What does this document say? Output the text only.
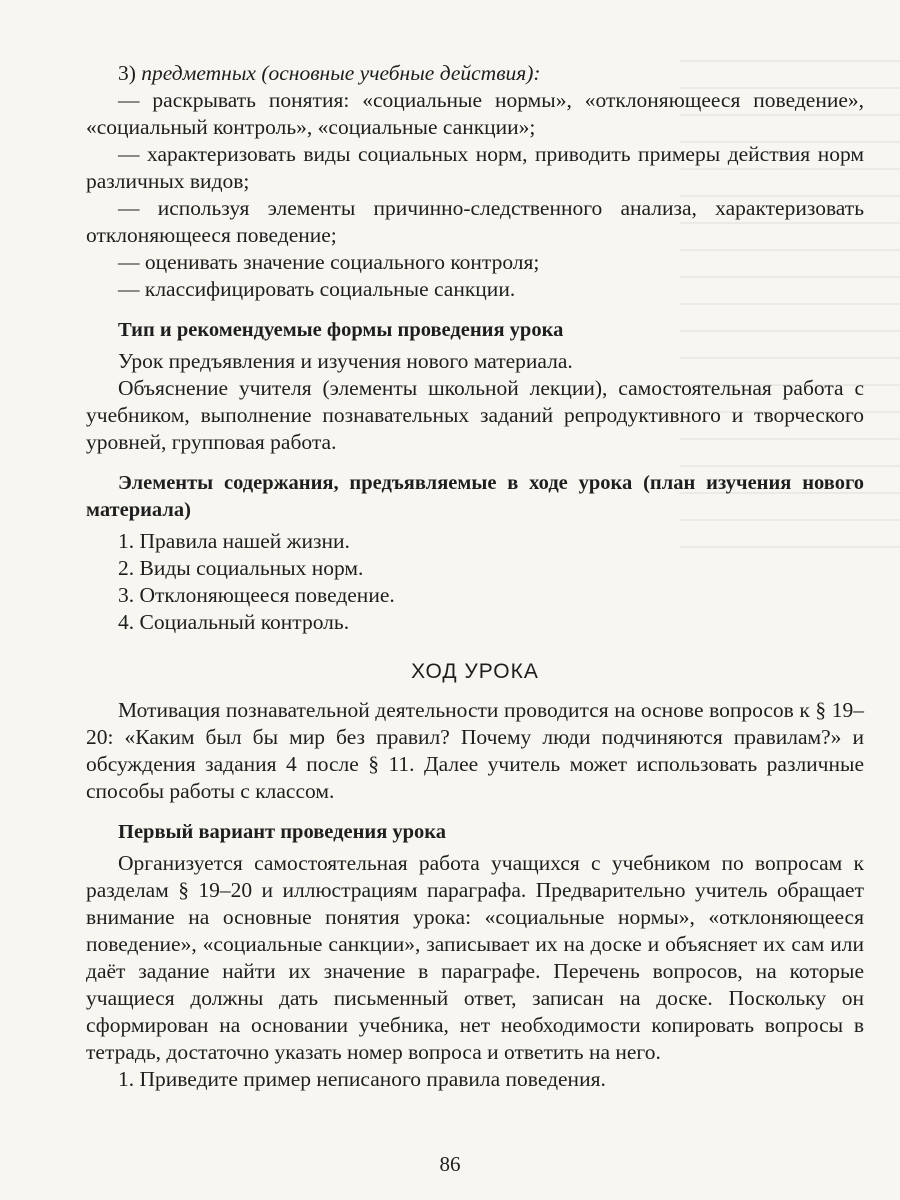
3) предметных (основные учебные действия):

— раскрывать понятия: «социальные нормы», «отклоняющееся поведение», «социальный контроль», «социальные санкции»;

— характеризовать виды социальных норм, приводить примеры действия норм различных видов;

— используя элементы причинно-следственного анализа, характеризовать отклоняющееся поведение;

— оценивать значение социального контроля;

— классифицировать социальные санкции.

Тип и рекомендуемые формы проведения урока

Урок предъявления и изучения нового материала.

Объяснение учителя (элементы школьной лекции), самостоятельная работа с учебником, выполнение познавательных заданий репродуктивного и творческого уровней, групповая работа.

Элементы содержания, предъявляемые в ходе урока (план изучения нового материала)

1. Правила нашей жизни.

2. Виды социальных норм.

3. Отклоняющееся поведение.

4. Социальный контроль.

ХОД УРОКА

Мотивация познавательной деятельности проводится на основе вопросов к § 19–20: «Каким был бы мир без правил? Почему люди подчиняются правилам?» и обсуждения задания 4 после § 11. Далее учитель может использовать различные способы работы с классом.

Первый вариант проведения урока

Организуется самостоятельная работа учащихся с учебником по вопросам к разделам § 19–20 и иллюстрациям параграфа. Предварительно учитель обращает внимание на основные понятия урока: «социальные нормы», «отклоняющееся поведение», «социальные санкции», записывает их на доске и объясняет их сам или даёт задание найти их значение в параграфе. Перечень вопросов, на которые учащиеся должны дать письменный ответ, записан на доске. Поскольку он сформирован на основании учебника, нет необходимости копировать вопросы в тетрадь, достаточно указать номер вопроса и ответить на него.

1. Приведите пример неписаного правила поведения.

86
